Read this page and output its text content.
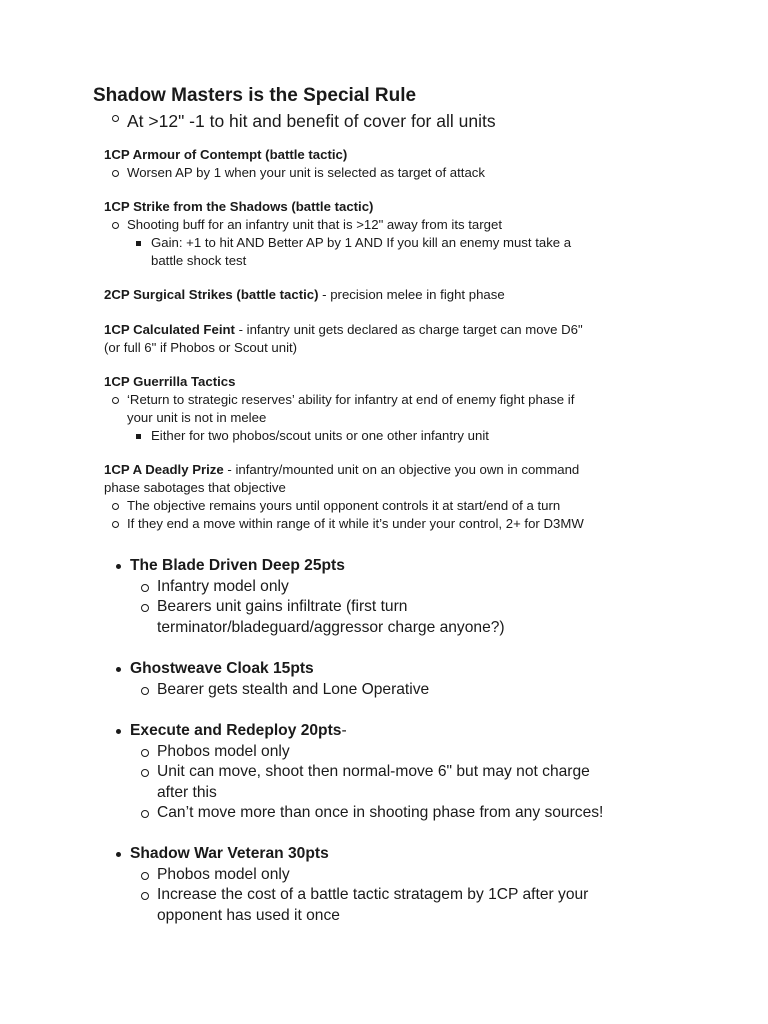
Shadow Masters is the Special Rule
At >12" -1 to hit and benefit of cover for all units
1CP Armour of Contempt (battle tactic)
Worsen AP by 1 when your unit is selected as target of attack
1CP Strike from the Shadows (battle tactic)
Shooting buff for an infantry unit that is >12" away from its target
Gain: +1 to hit AND Better AP by 1 AND If you kill an enemy must take a
battle shock test
2CP Surgical Strikes (battle tactic) - precision melee in fight phase
1CP Calculated Feint - infantry unit gets declared as charge target can move D6"
(or full 6" if Phobos or Scout unit)
1CP Guerrilla Tactics
‘Return to strategic reserves’ ability for infantry at end of enemy fight phase if
your unit is not in melee
Either for two phobos/scout units or one other infantry unit
1CP A Deadly Prize - infantry/mounted unit on an objective you own in command
phase sabotages that objective
The objective remains yours until opponent controls it at start/end of a turn
If they end a move within range of it while it’s under your control, 2+ for D3MW
The Blade Driven Deep 25pts
Infantry model only
Bearers unit gains infiltrate (first turn
terminator/bladeguard/aggressor charge anyone?)
Ghostweave Cloak 15pts
Bearer gets stealth and Lone Operative
Execute and Redeploy 20pts-
Phobos model only
Unit can move, shoot then normal-move 6" but may not charge
after this
Can’t move more than once in shooting phase from any sources!
Shadow War Veteran 30pts
Phobos model only
Increase the cost of a battle tactic stratagem by 1CP after your
opponent has used it once
